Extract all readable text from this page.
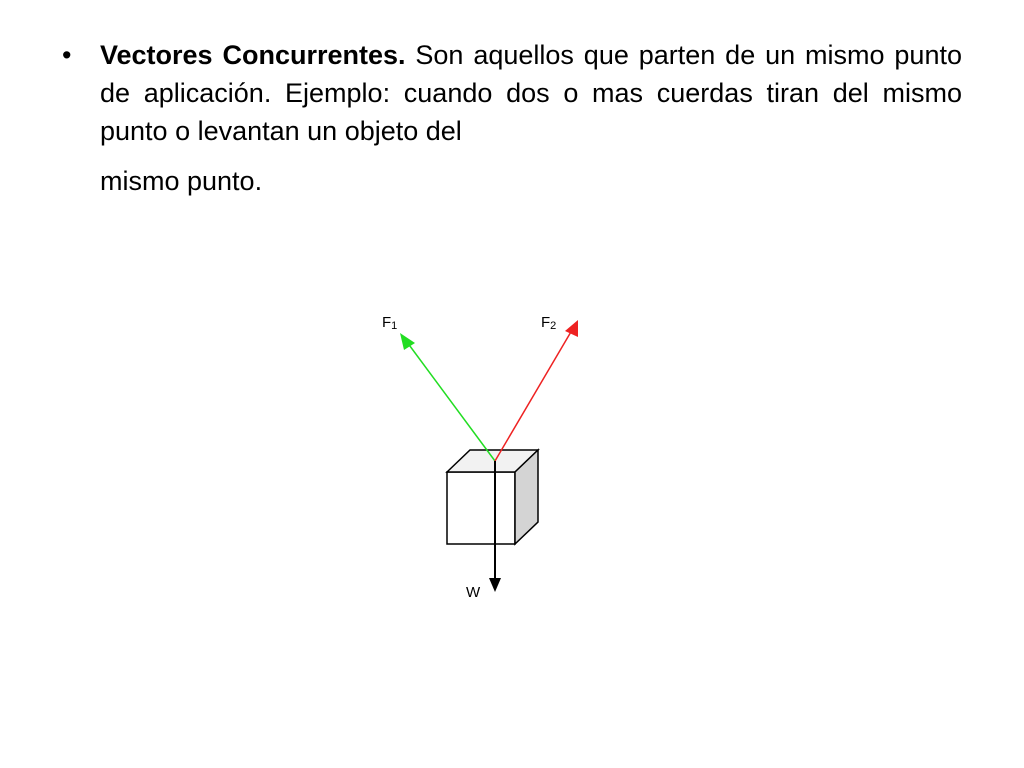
• Vectores Concurrentes. Son aquellos que parten de un mismo punto de aplicación. Ejemplo: cuando dos o mas cuerdas tiran del mismo punto o levantan un objeto del
mismo punto.
F1	F2
W
